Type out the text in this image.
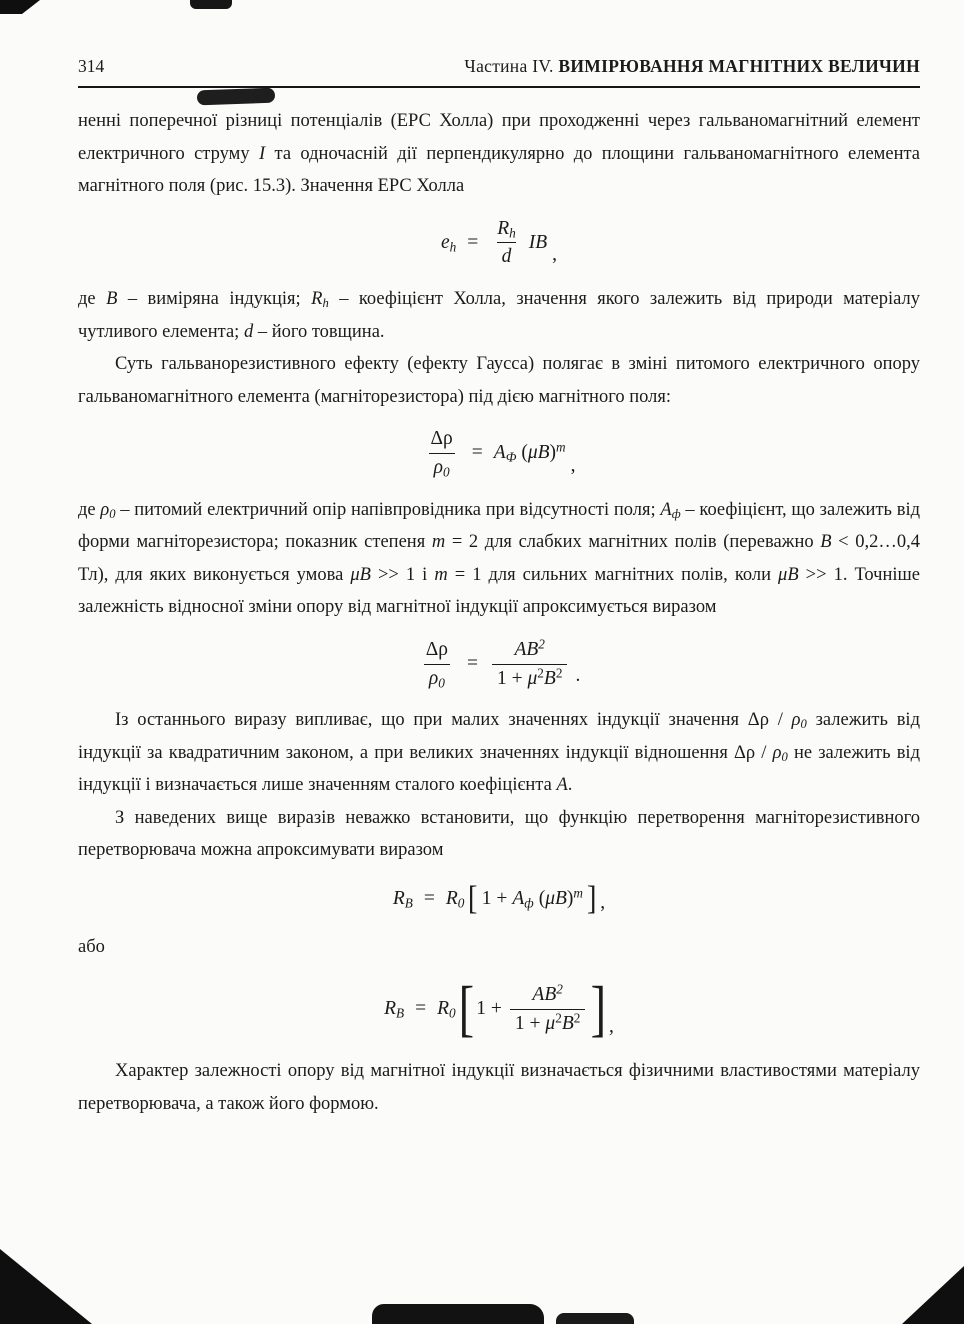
314	Частина IV. ВИМІРЮВАННЯ МАГНІТНИХ ВЕЛИЧИН

ненні поперечної різниці потенціалів (ЕРС Холла) при проходженні через гальваномагнітний елемент електричного струму I та одночасній дії перпендикулярно до площини гальваномагнітного елемента магнітного поля (рис. 15.3). Значення ЕРС Холла

$e_h = \frac{R_h}{d}$ IB
,

де B – виміряна індукція; $R_h$ – коефіцієнт Холла, значення якого залежить від природи матеріалу чутливого елемента; d – його товщина.

Суть гальванорезистивного ефекту (ефекту Гаусса) полягає в зміні питомого електричного опору гальваномагнітного елемента (магніторезистора) під дією магнітного поля:

$\frac{\Delta\rho}{\rho_0} = A_Ф$ $(\mu B)^m$
,

де $\rho_0$ – питомий електричний опір напівпровідника при відсутності поля; $A_ф$ – коефіцієнт, що залежить від форми магніторезистора; показник степеня m = 2 для слабких магнітних полів (переважно B < 0,2…0,4 Тл), для яких виконується умова μB >> 1 і m = 1 для сильних магнітних полів, коли μB >> 1. Точніше залежність відносної зміни опору від магнітної індукції апроксимується виразом

$\frac{\Delta\rho}{\rho_0} = \frac{AB^2}{1 + \mu^2B^2}$ .

Із останнього виразу випливає, що при малих значеннях індукції значення Δρ / $\rho_0$ залежить від індукції за квадратичним законом, а при великих значеннях індукції відношення Δρ / $\rho_0$ не залежить від індукції і визначається лише значенням сталого коефіцієнта А.

З наведених вище виразів неважко встановити, що функцію перетворення магніторезистивного перетворювача можна апроксимувати виразом

$R_B = R_0$ [ $1 + A_ф$ $(\mu B)^m$ ] ,

або

$R_B = R_0$ [ $1 + \frac{AB^2}{1 + \mu^2B^2}$ ] ,

Характер залежності опору від магнітної індукції визначається фізичними властивостями матеріалу перетворювача, а також його формою.
